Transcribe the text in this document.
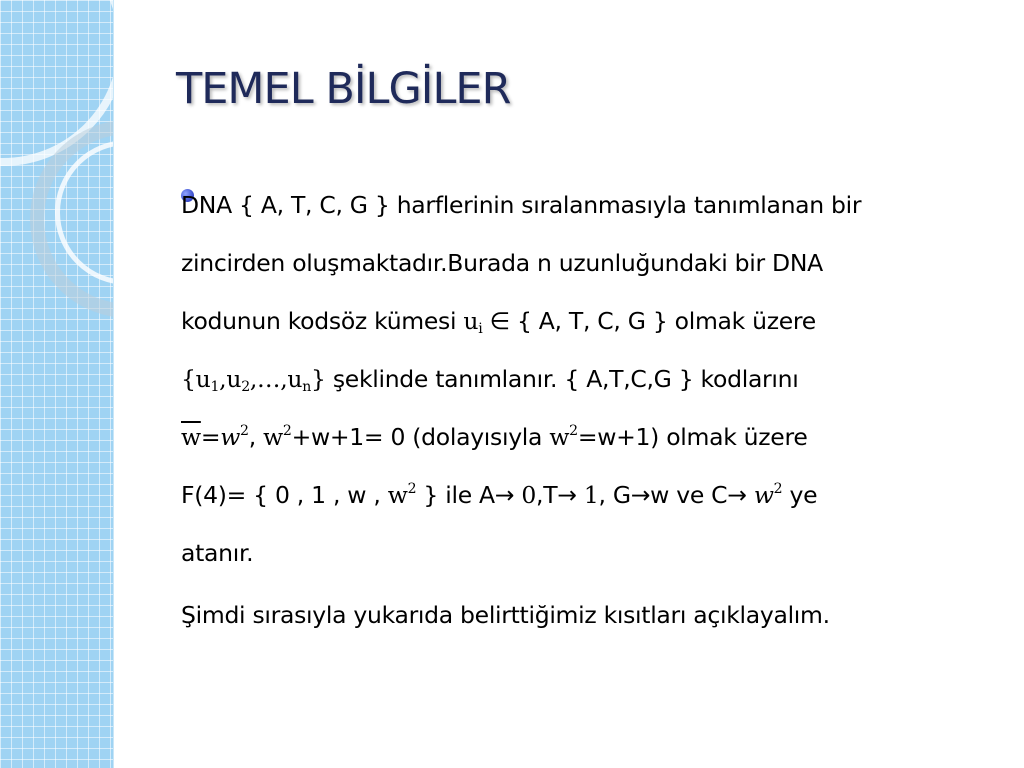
TEMEL BİLGİLER
DNA { A, T, C, G } harflerinin sıralanmasıyla tanımlanan bir
zincirden oluşmaktadır.Burada n uzunluğundaki bir DNA
kodunun kodsöz kümesi $u_i$ ∈ { A, T, C, G } olmak üzere
$\{u_1,u_2,\dots,u_n\}$ şeklinde tanımlanır. { A,T,C,G } kodlarını
$\overline{w}=w^2$, $w^2+w+1= 0$ (dolayısıyla $w^2=w+1$) olmak üzere
F(4)= { 0 , 1 , w , $w^2$ } ile A→ 0,T→ 1, G→w ve $C\to w^2$ ye
atanır.
Şimdi sırasıyla yukarıda belirttiğimiz kısıtları açıklayalım.
